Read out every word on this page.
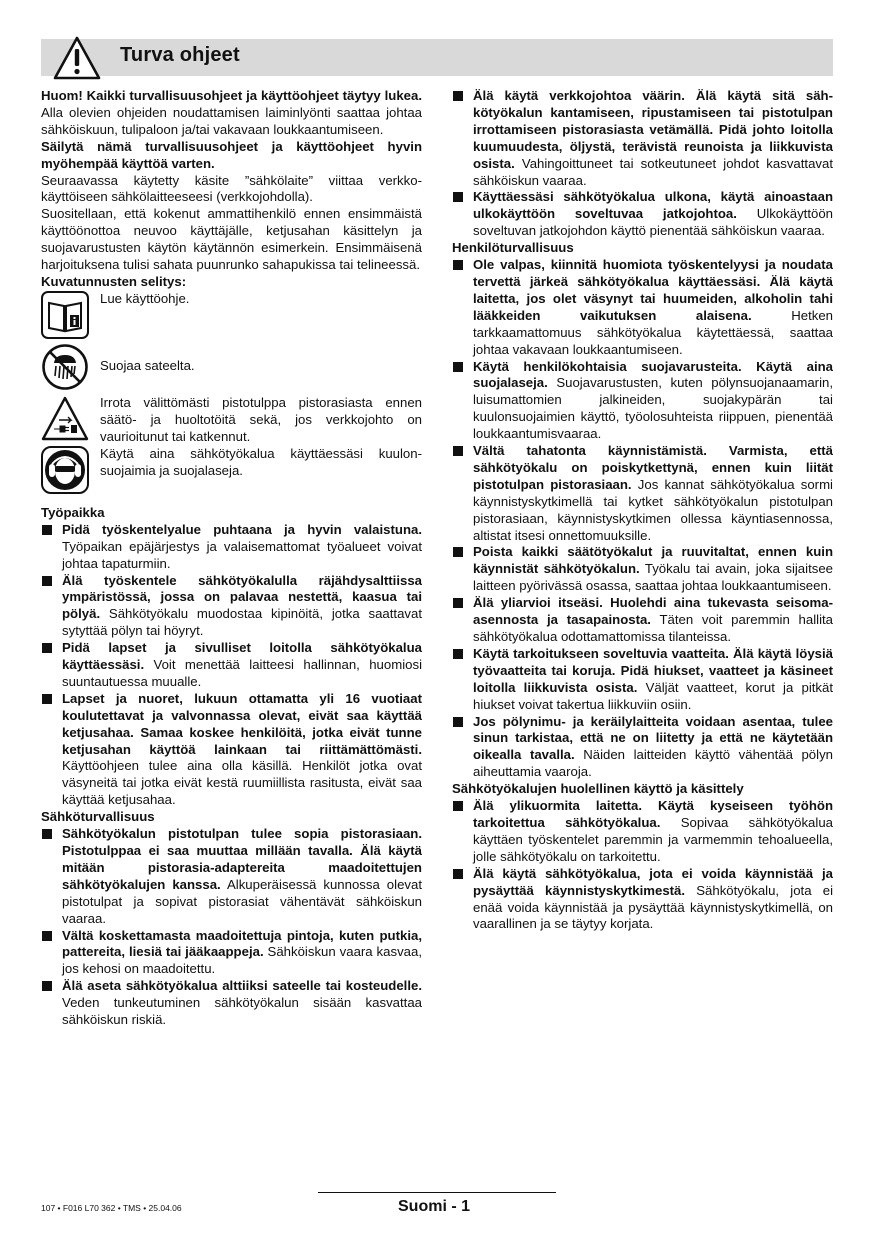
Turva ohjeet

Huom! Kaikki turvallisuusohjeet ja käyttöohjeet täytyy lukea. Alla olevien ohjeiden noudattamisen laiminlyönti saattaa johtaa sähköiskuun, tulipaloon ja/tai vakavaan loukkaantumiseen.

Säilytä nämä turvallisuusohjeet ja käyttöohjeet hyvin myöhempää käyttöä varten.

Seuraavassa käytetty käsite ”sähkölaite” viittaa verkkokäyttöiseen sähkölaitteeseesi (verkkojohdolla).

Suositellaan, että kokenut ammattihenkilö ennen ensimmäistä käyttöönottoa neuvoo käyttäjälle, ketjusahan käsittelyn ja suojavarustusten käytön käytännön esimerkein. Ensimmäisenä harjoituksena tulisi sahata puunrunko sahapukissa tai telineessä.

Kuvatunnusten selitys:

Lue käyttöohje.

Suojaa sateelta.

Irrota välittömästi pistotulppa pistorasiasta ennen säätö- ja huoltotöitä sekä, jos verkkojohto on vaurioitunut tai katkennut.

Käytä aina sähkötyökalua käyttäessäsi kuulonsuojaimia ja suojalaseja.

Työpaikka

Pidä työskentelyalue puhtaana ja hyvin valaistuna. Työpaikan epäjärjestys ja valaisemattomat työalueet voivat johtaa tapaturmiin.

Älä työskentele sähkötyökalulla räjähdysalttiissa ympäristössä, jossa on palavaa nestettä, kaasua tai pölyä. Sähkötyökalu muodostaa kipinöitä, jotka saattavat sytyttää pölyn tai höyryt.

Pidä lapset ja sivulliset loitolla sähkötyökalua käyttäessäsi. Voit menettää laitteesi hallinnan, huomiosi suuntautuessa muualle.

Lapset ja nuoret, lukuun ottamatta yli 16 vuotiaat koulutettavat ja valvonnassa olevat, eivät saa käyttää ketjusahaa. Samaa koskee henkilöitä, jotka eivät tunne ketjusahan käyttöä lainkaan tai riittämättömästi. Käyttöohjeen tulee aina olla käsillä. Henkilöt jotka ovat väsyneitä tai jotka eivät kestä ruumiillista rasitusta, eivät saa käyttää ketjusahaa.

Sähköturvallisuus

Sähkötyökalun pistotulpan tulee sopia pistorasiaan. Pistotulppaa ei saa muuttaa millään tavalla. Älä käytä mitään pistorasia-adaptereita maadoitettujen sähkötyökalujen kanssa. Alkuperäisessä kunnossa olevat pistotulpat ja sopivat pistorasiat vähentävät sähköiskun vaaraa.

Vältä koskettamasta maadoitettuja pintoja, kuten putkia, pattereita, liesiä tai jääkaappeja. Sähköiskun vaara kasvaa, jos kehosi on maadoitettu.

Älä aseta sähkötyökalua alttiiksi sateelle tai kosteudelle. Veden tunkeutuminen sähkötyökalun sisään kasvattaa sähköiskun riskiä.

Älä käytä verkkojohtoa väärin. Älä käytä sitä sähkötyökalun kantamiseen, ripustamiseen tai pistotulpan irrottamiseen pistorasiasta vetämällä. Pidä johto loitolla kuumuudesta, öljystä, terävistä reunoista ja liikkuvista osista. Vahingoittuneet tai sotkeutuneet johdot kasvattavat sähköiskun vaaraa.

Käyttäessäsi sähkötyökalua ulkona, käytä ainoastaan ulkokäyttöön soveltuvaa jatkojohtoa. Ulkokäyttöön soveltuvan jatkojohdon käyttö pienentää sähköiskun vaaraa.

Henkilöturvallisuus

Ole valpas, kiinnitä huomiota työskentelyysi ja noudata tervettä järkeä sähkötyökalua käyttäessäsi. Älä käytä laitetta, jos olet väsynyt tai huumeiden, alkoholin tahi lääkkeiden vaikutuksen alaisena. Hetken tarkkaamattomuus sähkötyökalua käytettäessä, saattaa johtaa vakavaan loukkaantumiseen.

Käytä henkilökohtaisia suojavarusteita. Käytä aina suojalaseja. Suojavarustusten, kuten pölynsuojanaamarin, luisumattomien jalkineiden, suojakypärän tai kuulonsuojaimien käyttö, työolosuhteista riippuen, pienentää loukkaantumisvaaraa.

Vältä tahatonta käynnistämistä. Varmista, että sähkötyökalu on poiskytkettynä, ennen kuin liität pistotulpan pistorasiaan. Jos kannat sähkötyökalua sormi käynnistyskytkimellä tai kytket sähkötyökalun pistotulpan pistorasiaan, käynnistyskytkimen ollessa käyntiasennossa, altistat itsesi onnettomuuksille.

Poista kaikki säätötyökalut ja ruuvitaltat, ennen kuin käynnistät sähkötyökalun. Työkalu tai avain, joka sijaitsee laitteen pyörivässä osassa, saattaa johtaa loukkaantumiseen.

Älä yliarvioi itseäsi. Huolehdi aina tukevasta seisoma-asennosta ja tasapainosta. Täten voit paremmin hallita sähkötyökalua odottamattomissa tilanteissa.

Käytä tarkoitukseen soveltuvia vaatteita. Älä käytä löysiä työvaatteita tai koruja. Pidä hiukset, vaatteet ja käsineet loitolla liikkuvista osista. Väljät vaatteet, korut ja pitkät hiukset voivat takertua liikkuviin osiin.

Jos pölynimu- ja keräilylaitteita voidaan asentaa, tulee sinun tarkistaa, että ne on liitetty ja että ne käytetään oikealla tavalla. Näiden laitteiden käyttö vähentää pölyn aiheuttamia vaaroja.

Sähkötyökalujen huolellinen käyttö ja käsittely

Älä ylikuormita laitetta. Käytä kyseiseen työhön tarkoitettua sähkötyökalua. Sopivaa sähkötyökalua käyttäen työskentelet paremmin ja varmemmin tehoalueella, jolle sähkötyökalu on tarkoitettu.

Älä käytä sähkötyökalua, jota ei voida käynnistää ja pysäyttää käynnistyskytkimestä. Sähkötyökalu, jota ei enää voida käynnistää ja pysäyttää käynnistyskytkimellä, on vaarallinen ja se täytyy korjata.

107 • F016 L70 362 • TMS • 25.04.06	Suomi - 1
